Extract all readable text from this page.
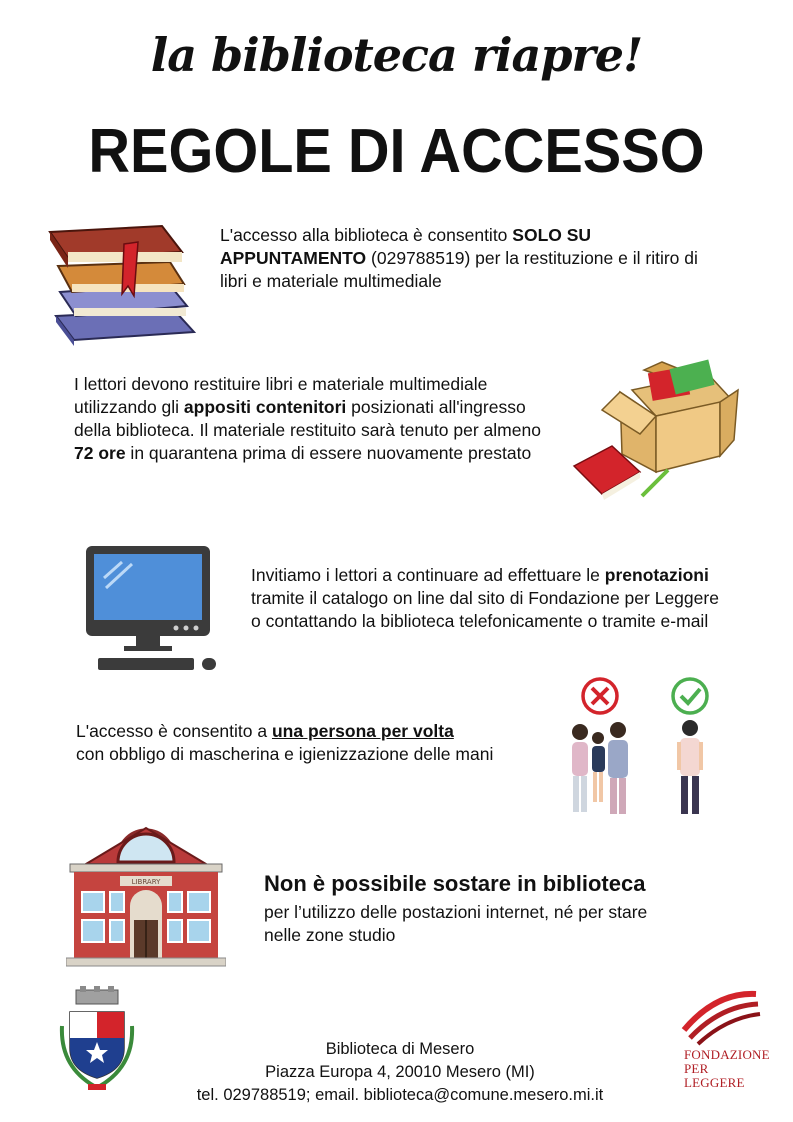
la biblioteca riapre!
REGOLE DI ACCESSO
L'accesso alla biblioteca è consentito SOLO SU APPUNTAMENTO (029788519) per la restituzione e il ritiro di libri e materiale multimediale
I lettori devono restituire libri e materiale multimediale utilizzando gli appositi contenitori posizionati all'ingresso della biblioteca. Il materiale restituito sarà tenuto per almeno 72 ore in quarantena prima di essere nuovamente prestato
Invitiamo i lettori a continuare ad effettuare le prenotazioni tramite il catalogo on line dal sito di Fondazione per Leggere o contattando la biblioteca telefonicamente o tramite e-mail
L'accesso è consentito a una persona per volta
con obbligo di mascherina e igienizzazione delle mani
LIBRARY	Non è possibile sostare in biblioteca
per l’utilizzo delle postazioni internet, né per stare nelle zone studio
FONDAZIONE
PER LEGGERE
Biblioteca di Mesero
Piazza Europa 4, 20010 Mesero (MI)
tel. 029788519; email. biblioteca@comune.mesero.mi.it
